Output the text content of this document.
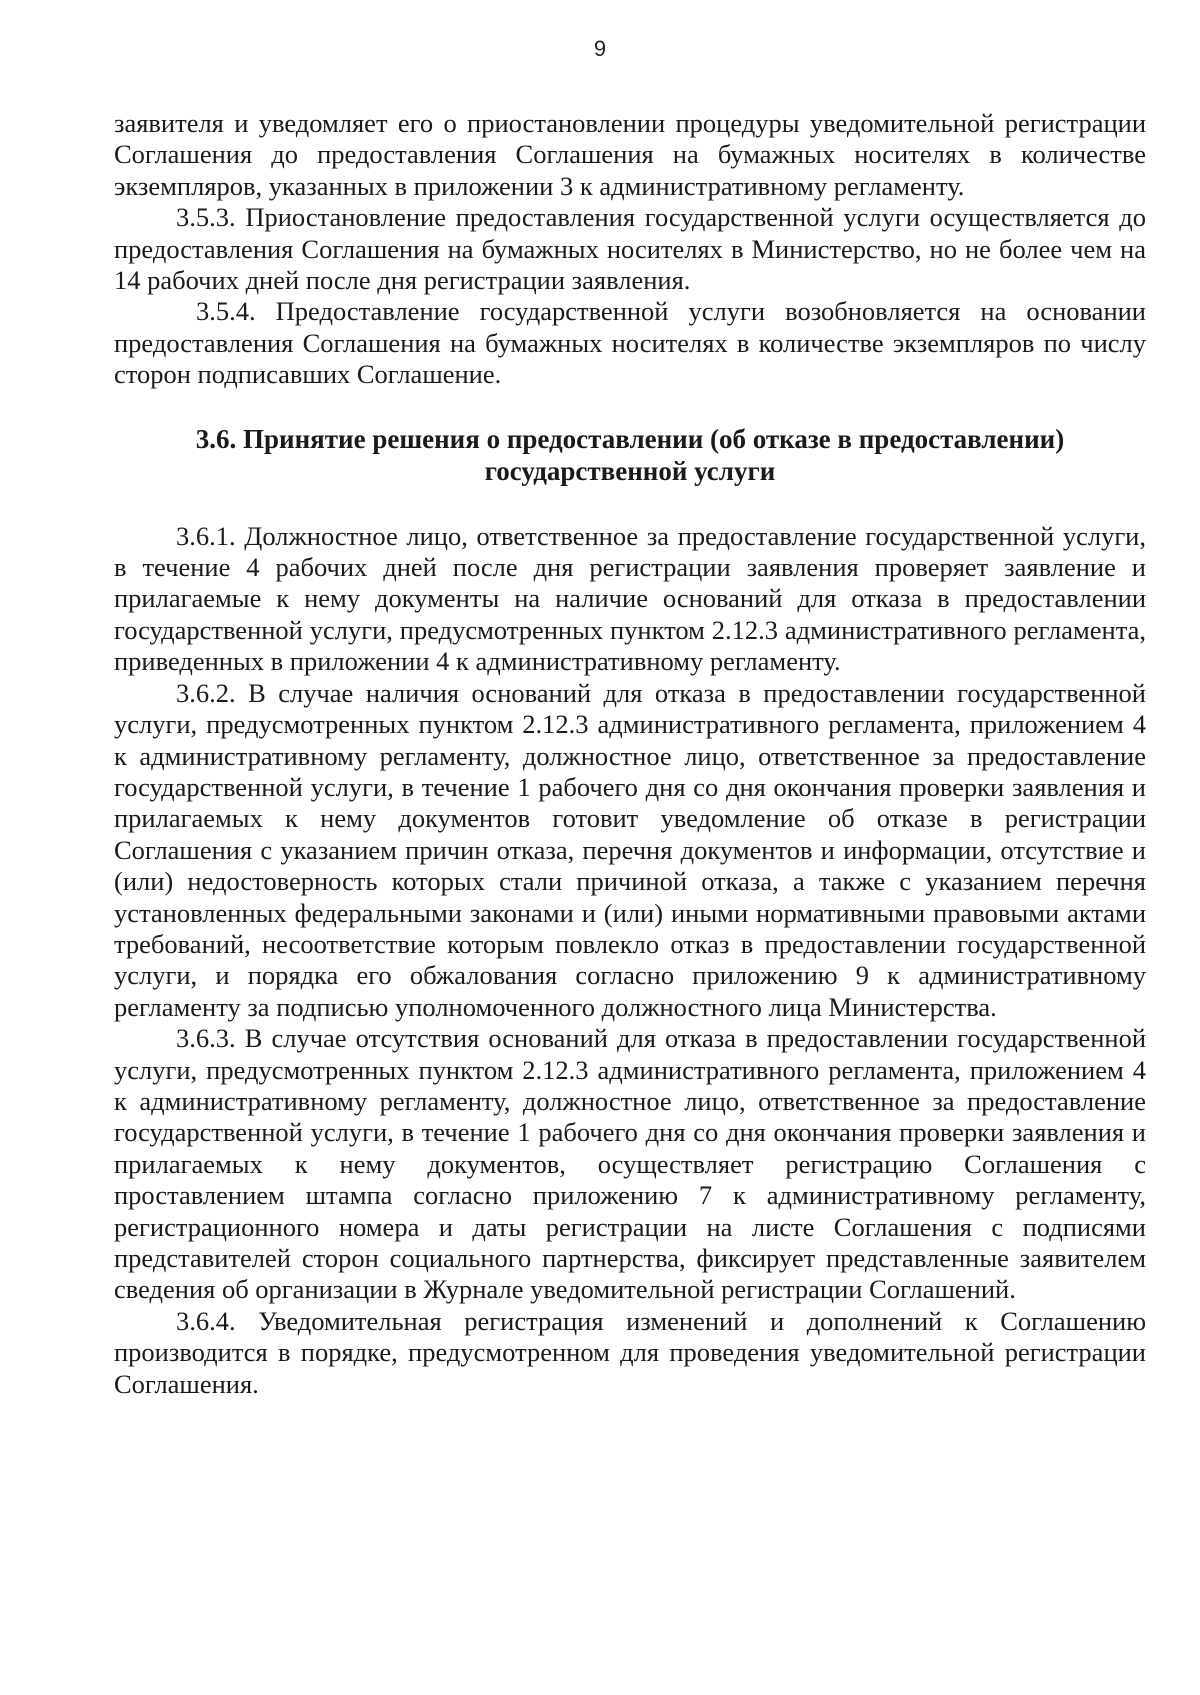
9

заявителя и уведомляет его о приостановлении процедуры уведомительной регистрации Соглашения до предоставления Соглашения на бумажных носителях в количестве экземпляров, указанных в приложении 3 к административному регламенту.

3.5.3. Приостановление предоставления государственной услуги осуществляется до предоставления Соглашения на бумажных носителях в Министерство, но не более чем на 14 рабочих дней после дня регистрации заявления.

3.5.4. Предоставление государственной услуги возобновляется на основании предоставления Соглашения на бумажных носителях в количестве экземпляров по числу сторон подписавших Соглашение.

3.6. Принятие решения о предоставлении (об отказе в предоставлении)
государственной услуги

3.6.1. Должностное лицо, ответственное за предоставление государственной услуги, в течение 4 рабочих дней после дня регистрации заявления проверяет заявление и прилагаемые к нему документы на наличие оснований для отказа в предоставлении государственной услуги, предусмотренных пунктом 2.12.3 административного регламента, приведенных в приложении 4 к административному регламенту.

3.6.2. В случае наличия оснований для отказа в предоставлении государственной услуги, предусмотренных пунктом 2.12.3 административного регламента, приложением 4 к административному регламенту, должностное лицо, ответственное за предоставление государственной услуги, в течение 1 рабочего дня со дня окончания проверки заявления и прилагаемых к нему документов готовит уведомление об отказе в регистрации Соглашения с указанием причин отказа, перечня документов и информации, отсутствие и (или) недостоверность которых стали причиной отказа, а также с указанием перечня установленных федеральными законами и (или) иными нормативными правовыми актами требований, несоответствие которым повлекло отказ в предоставлении государственной услуги, и порядка его обжалования согласно приложению 9 к административному регламенту за подписью уполномоченного должностного лица Министерства.

3.6.3. В случае отсутствия оснований для отказа в предоставлении государственной услуги, предусмотренных пунктом 2.12.3 административного регламента, приложением 4 к административному регламенту, должностное лицо, ответственное за предоставление государственной услуги, в течение 1 рабочего дня со дня окончания проверки заявления и прилагаемых к нему документов, осуществляет регистрацию Соглашения с проставлением штампа согласно приложению 7 к административному регламенту, регистрационного номера и даты регистрации на листе Соглашения с подписями представителей сторон социального партнерства, фиксирует представленные заявителем сведения об организации в Журнале уведомительной регистрации Соглашений.

3.6.4. Уведомительная регистрация изменений и дополнений к Соглашению производится в порядке, предусмотренном для проведения уведомительной регистрации Соглашения.
